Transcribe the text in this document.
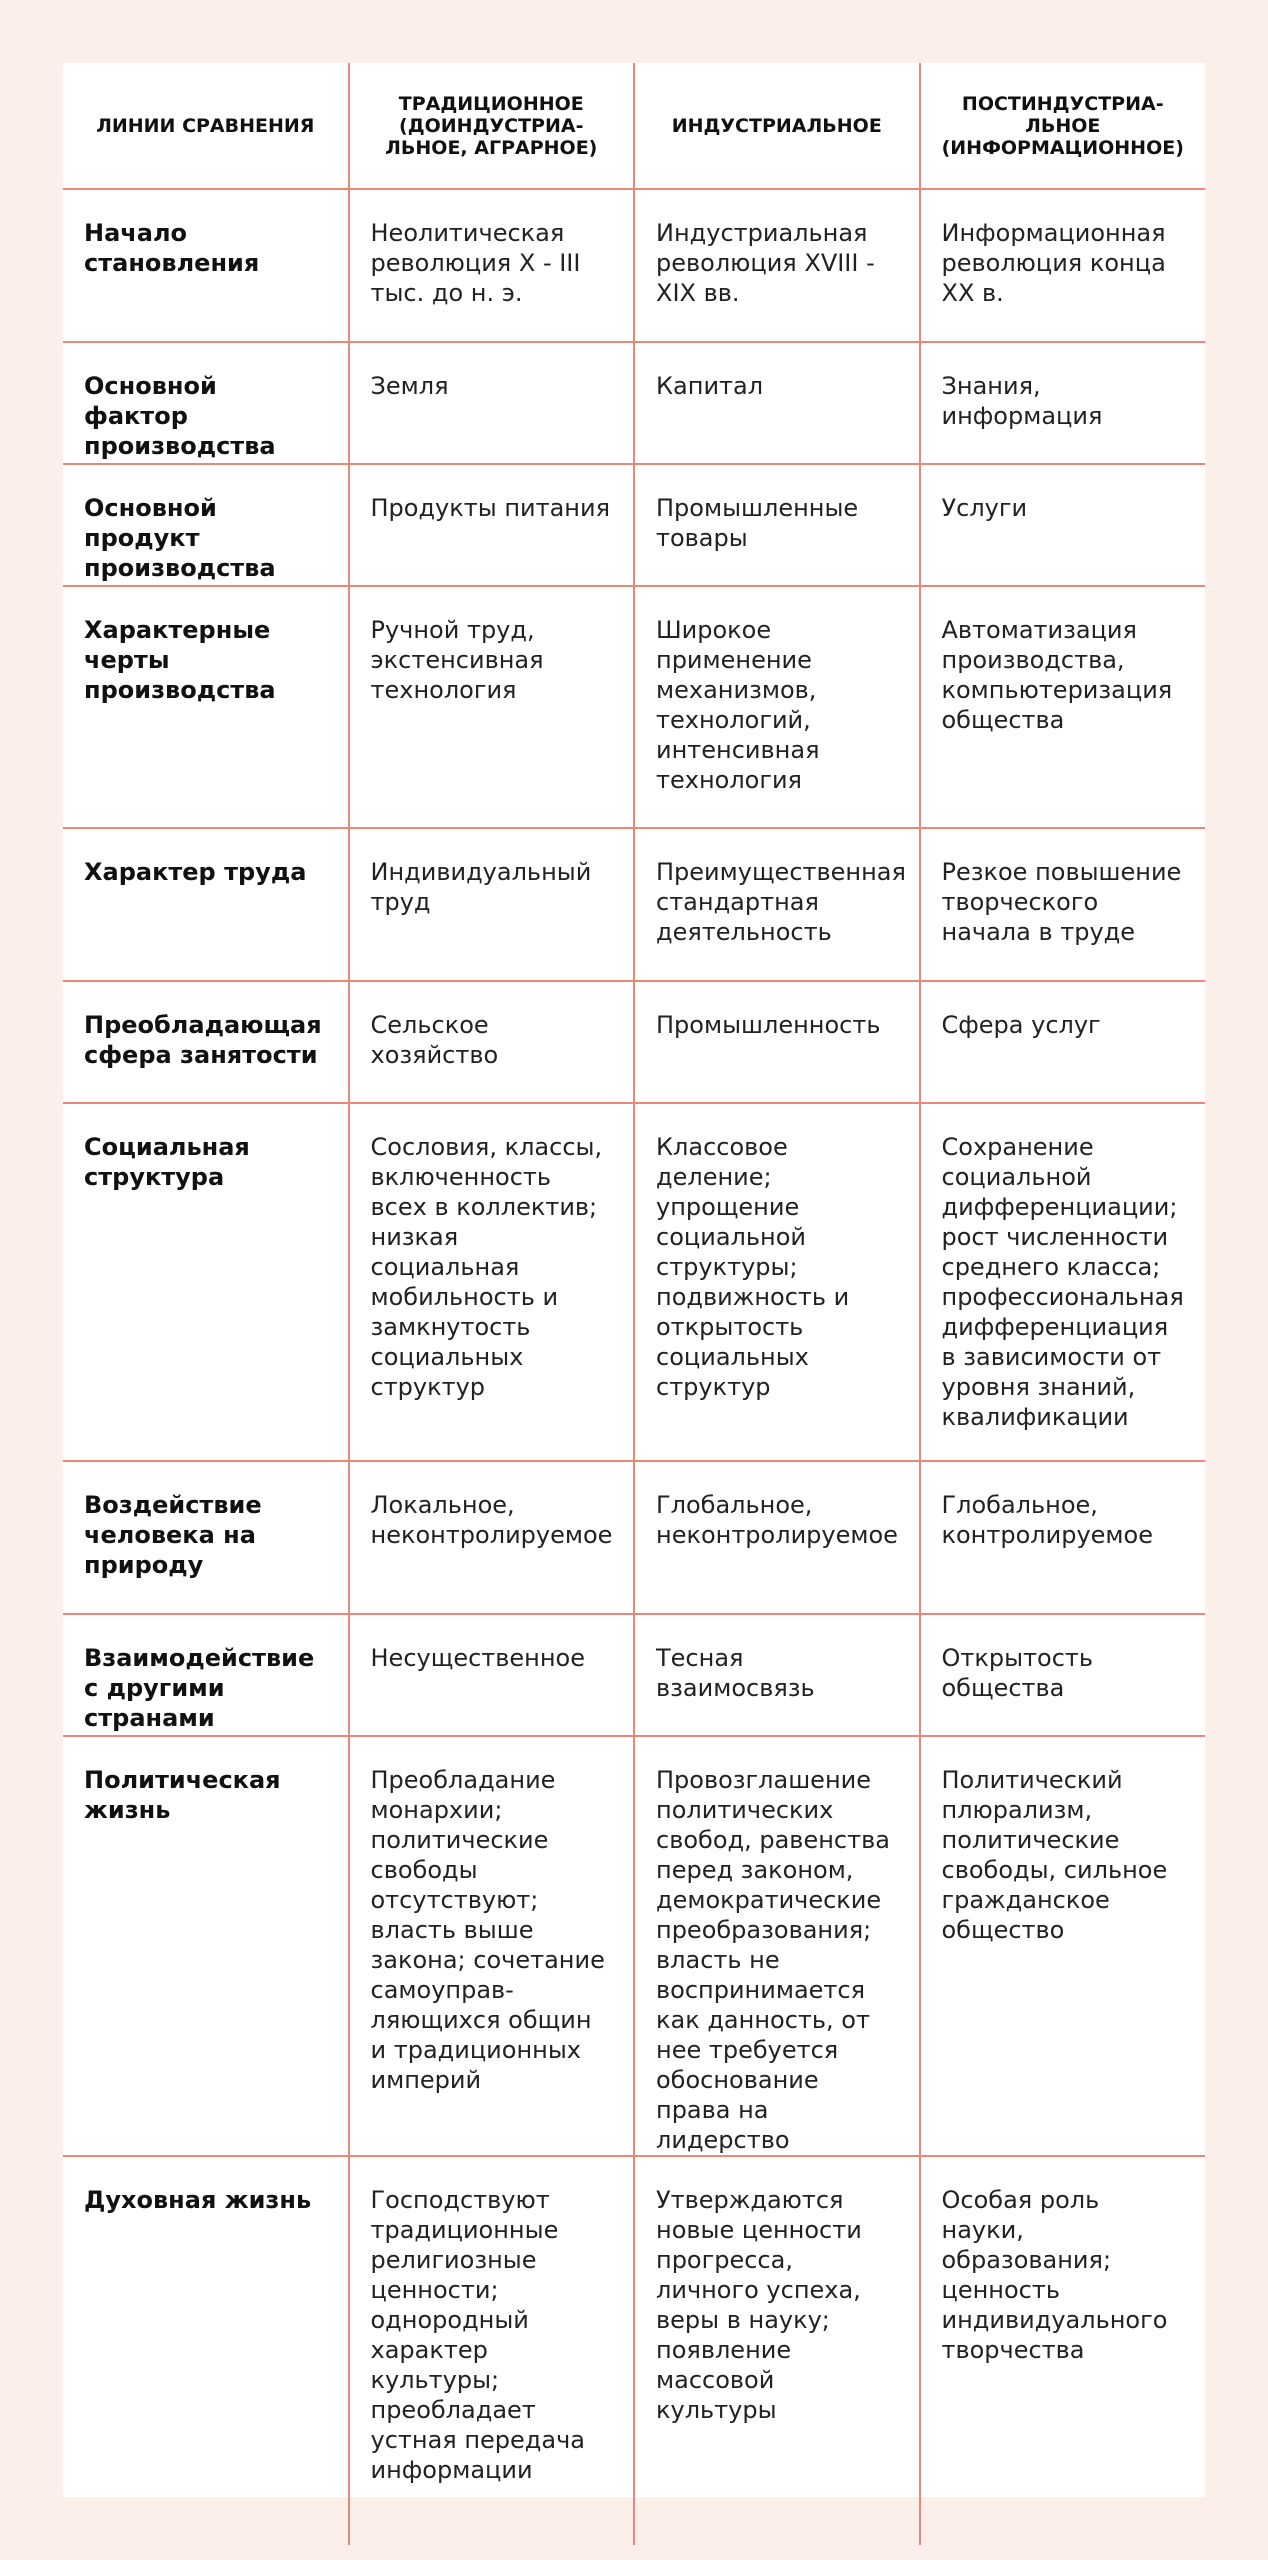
ЛИНИИ СРАВНЕНИЯ	ТРАДИЦИОННОЕ (ДОИНДУСТРИА-ЛЬНОЕ, АГРАРНОЕ)	ИНДУСТРИАЛЬНОЕ	ПОСТИНДУСТРИА-ЛЬНОЕ (ИНФОРМАЦИОННОЕ)
Начало становления	Неолитическая революция X - III тыс. до н. э.	Индустриальная революция XVIII - XIX вв.	Информационная революция конца XX в.
Основной фактор производства	Земля	Капитал	Знания, информация
Основной продукт производства	Продукты питания	Промышленные товары	Услуги
Характерные черты производства	Ручной труд, экстенсивная технология	Широкое применение механизмов, технологий, интенсивная технология	Автоматизация производства, компьютеризация общества
Характер труда	Индивидуальный труд	Преимущественная стандартная деятельность	Резкое повышение творческого начала в труде
Преобладающая сфера занятости	Сельское хозяйство	Промышленность	Сфера услуг
Социальная структура	Сословия, классы, включенность всех в коллектив; низкая социальная мобильность и замкнутость социальных структур	Классовое деление; упрощение социальной структуры; подвижность и открытость социальных структур	Сохранение социальной дифференциации; рост численности среднего класса; профессиональная дифференциация в зависимости от уровня знаний, квалификации
Воздействие человека на природу	Локальное, неконтролируемое	Глобальное, неконтролируемое	Глобальное, контролируемое
Взаимодействие с другими странами	Несущественное	Тесная взаимосвязь	Открытость общества
Политическая жизнь	Преобладание монархии; политические свободы отсутствуют; власть выше закона; сочетание самоуправ-ляющихся общин и традиционных империй	Провозглашение политических свобод, равенства перед законом, демократические преобразования; власть не воспринимается как данность, от нее требуется обоснование права на лидерство	Политический плюрализм, политические свободы, сильное гражданское общество
Духовная жизнь	Господствуют традиционные религиозные ценности; однородный характер культуры; преобладает устная передача информации	Утверждаются новые ценности прогресса, личного успеха, веры в науку; появление массовой культуры	Особая роль науки, образования; ценность индивидуального творчества
